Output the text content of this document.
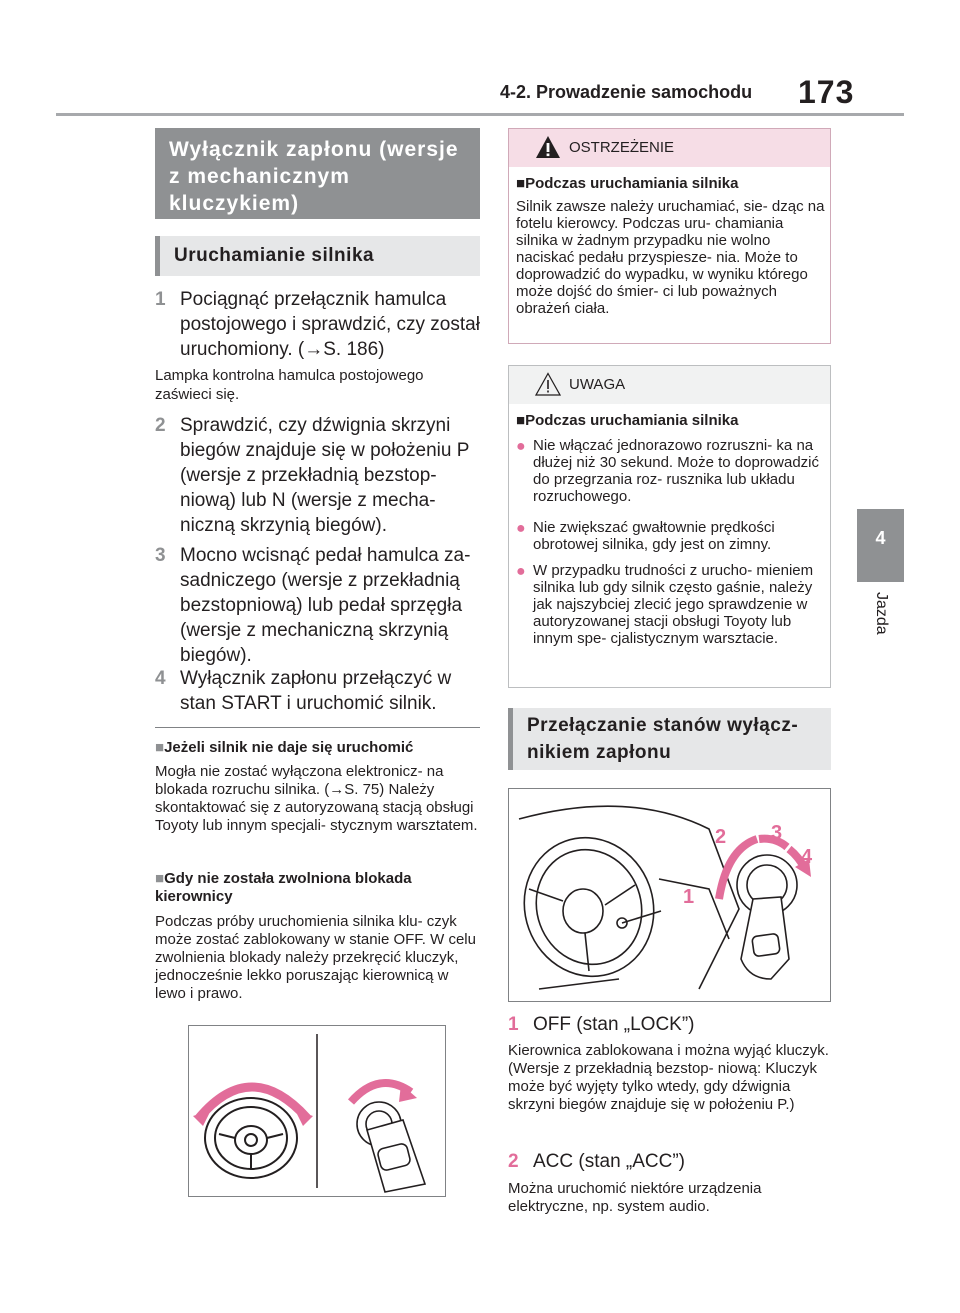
4-2. Prowadzenie samochodu 173
4
Jazda
Wyłącznik zapłonu (wersje z mechanicznym kluczykiem)
Uruchamianie silnika
1 Pociągnąć przełącznik hamulca postojowego i sprawdzić, czy został uruchomiony. (→S. 186)
Lampka kontrolna hamulca postojowego zaświeci się.
2 Sprawdzić, czy dźwignia skrzyni biegów znajduje się w położeniu P (wersje z przekładnią bezstop- niową) lub N (wersje z mecha- niczną skrzynią biegów).
3 Mocno wcisnąć pedał hamulca za- sadniczego (wersje z przekładnią bezstopniową) lub pedał sprzęgła (wersje z mechaniczną skrzynią biegów).
4 Wyłącznik zapłonu przełączyć w stan START i uruchomić silnik.
■Jeżeli silnik nie daje się uruchomić
Mogła nie zostać wyłączona elektronicz- na blokada rozruchu silnika. (→S. 75) Należy skontaktować się z autoryzowaną stacją obsługi Toyoty lub innym specjali- stycznym warsztatem.
■Gdy nie została zwolniona blokada kierownicy
Podczas próby uruchomienia silnika klu- czyk może zostać zablokowany w stanie OFF. W celu zwolnienia blokady należy przekręcić kluczyk, jednocześnie lekko poruszając kierownicą w lewo i prawo.
OSTRZEŻENIE
■Podczas uruchamiania silnika
Silnik zawsze należy uruchamiać, sie- dząc na fotelu kierowcy. Podczas uru- chamiania silnika w żadnym przypadku nie wolno naciskać pedału przyspiesze- nia. Może to doprowadzić do wypadku, w wyniku którego może dojść do śmier- ci lub poważnych obrażeń ciała.
UWAGA
■Podczas uruchamiania silnika
● Nie włączać jednorazowo rozruszni- ka na dłużej niż 30 sekund. Może to doprowadzić do przegrzania roz- rusznika lub układu rozruchowego.
● Nie zwiększać gwałtownie prędkości obrotowej silnika, gdy jest on zimny.
● W przypadku trudności z urucho- mieniem silnika lub gdy silnik często gaśnie, należy jak najszybciej zlecić jego sprawdzenie w autoryzowanej stacji obsługi Toyoty lub innym spe- cjalistycznym warsztacie.
Przełączanie stanów wyłącz- nikiem zapłonu
1
2 3
4
1 OFF (stan „LOCK”)
Kierownica zablokowana i można wyjąć kluczyk. (Wersje z przekładnią bezstop- niową: Kluczyk może być wyjęty tylko wtedy, gdy dźwignia skrzyni biegów znajduje się w położeniu P.)
2 ACC (stan „ACC”)
Można uruchomić niektóre urządzenia elektryczne, np. system audio.
